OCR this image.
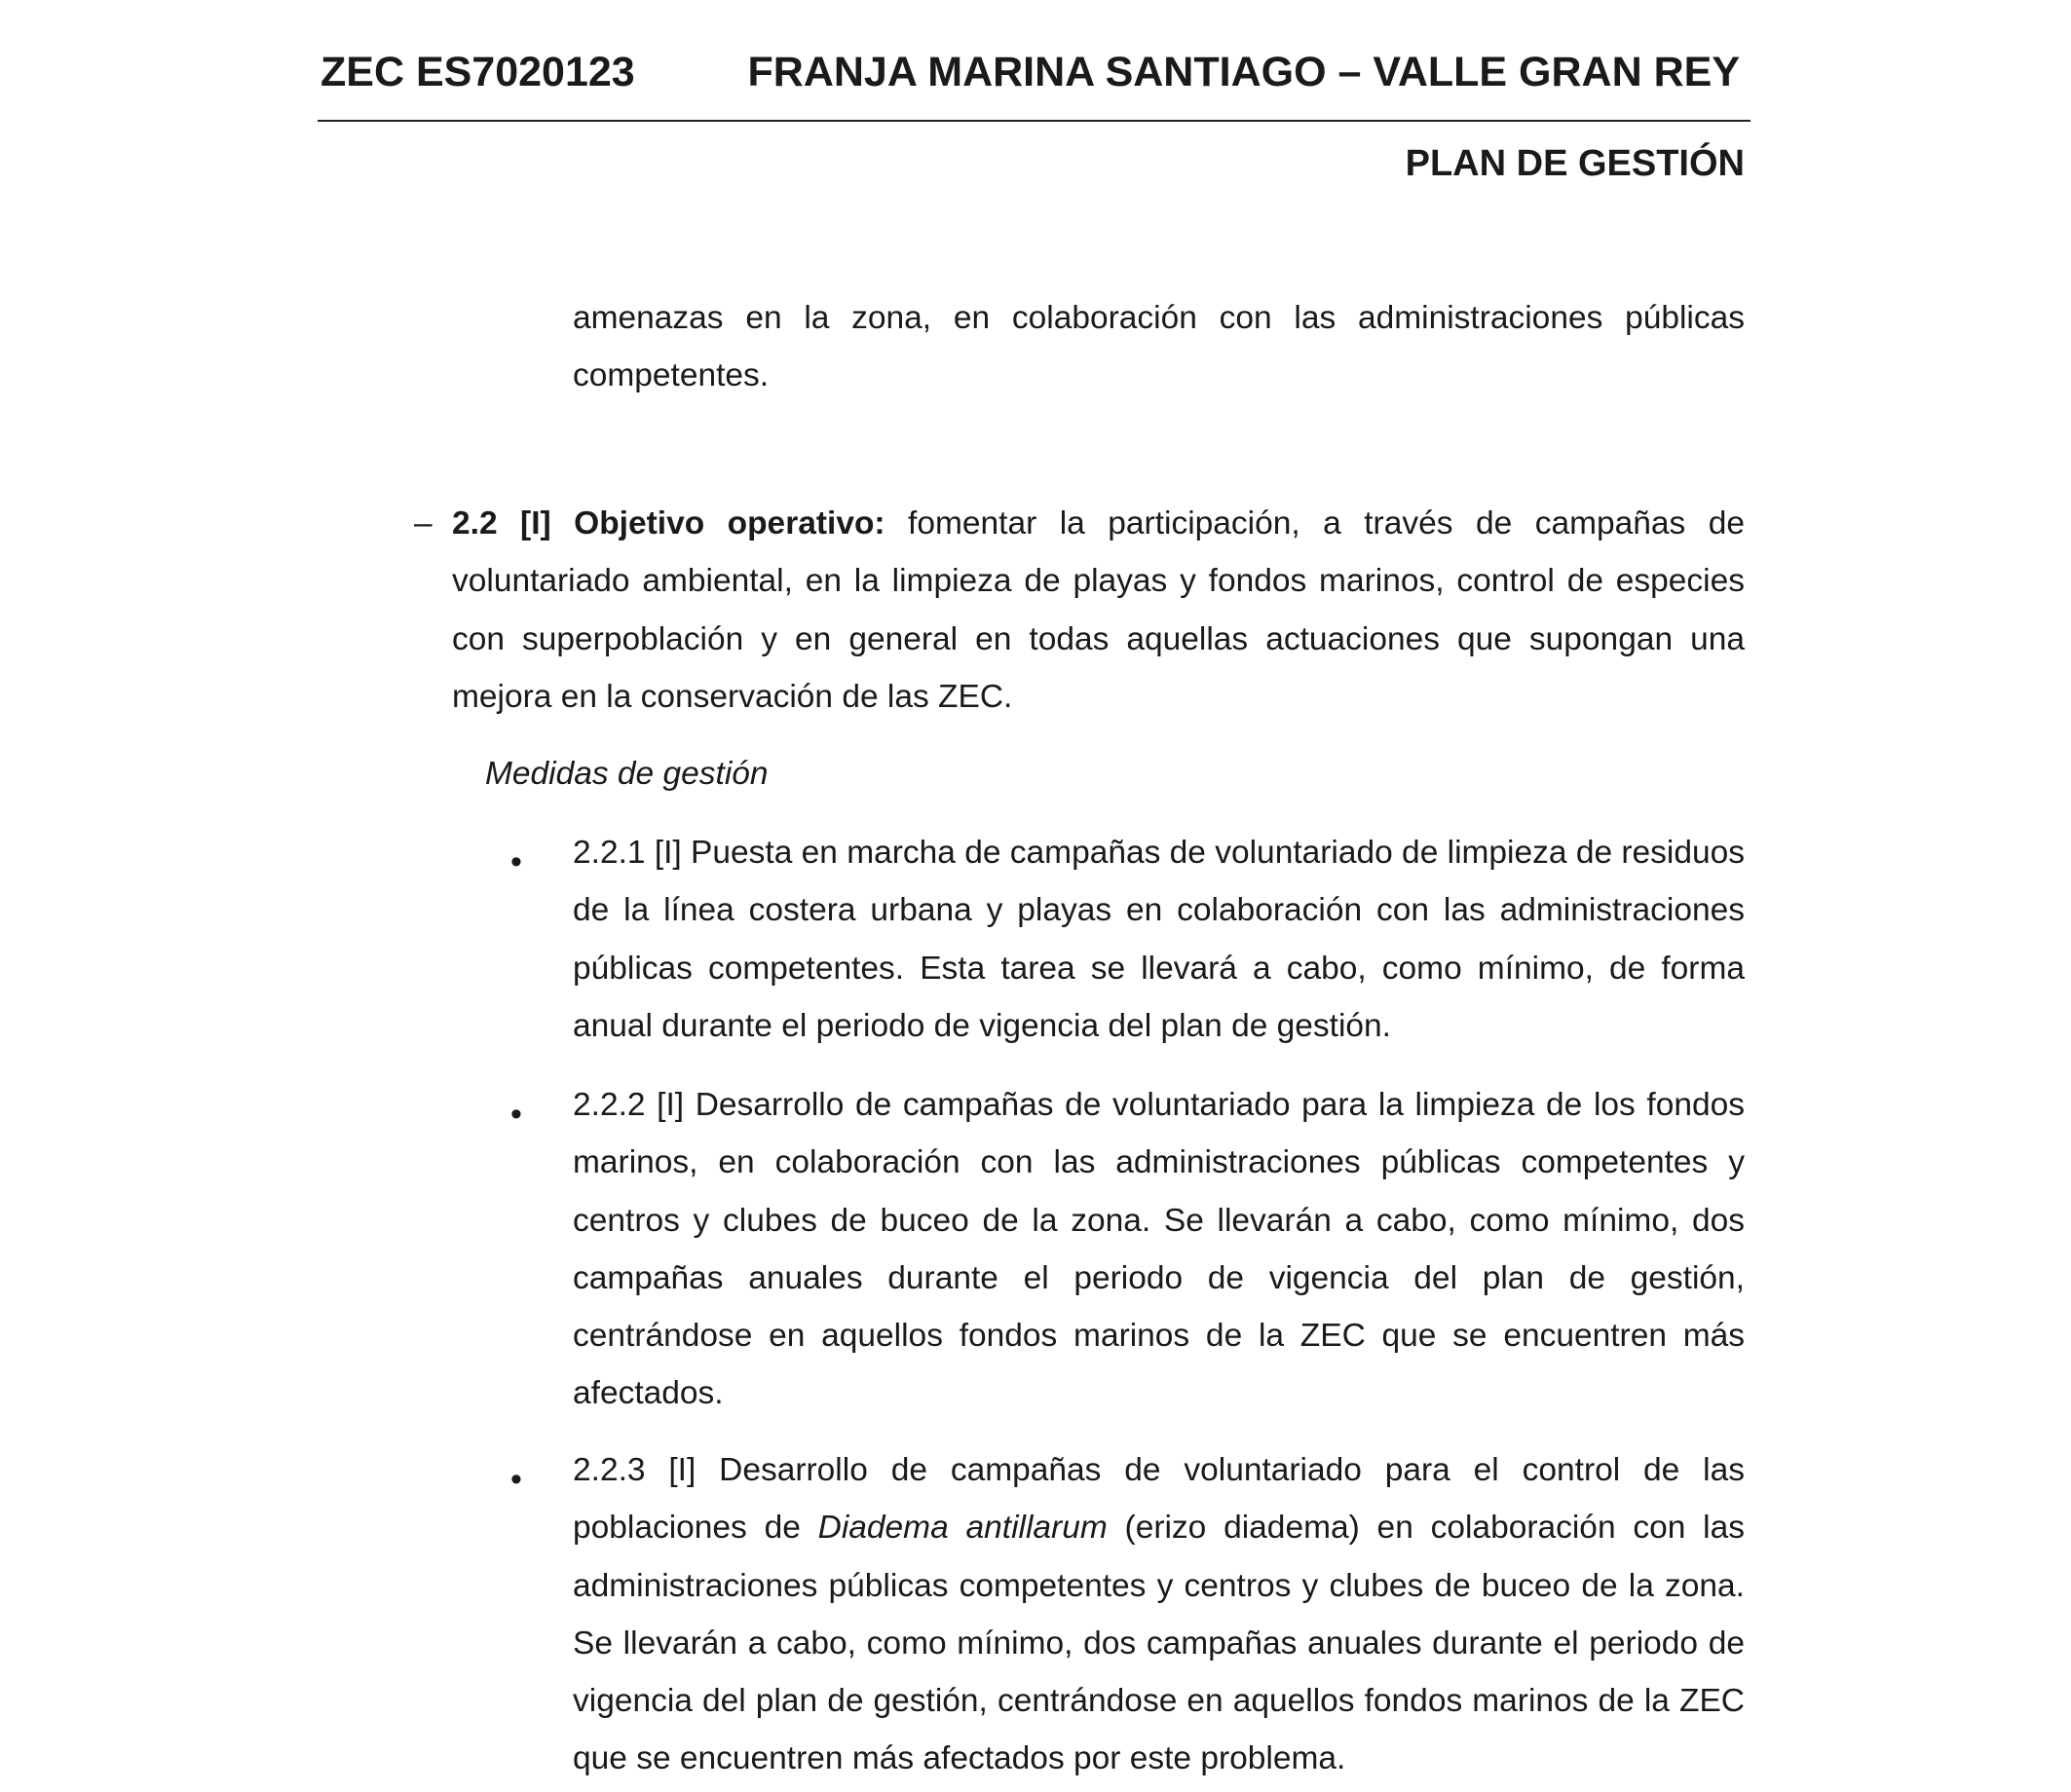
ZEC ES7020123	FRANJA MARINA SANTIAGO – VALLE GRAN REY
PLAN DE GESTIÓN

amenazas en la zona, en colaboración con las administraciones públicas competentes.

– 2.2 [I] Objetivo operativo: fomentar la participación, a través de campañas de voluntariado ambiental, en la limpieza de playas y fondos marinos, control de especies con superpoblación y en general en todas aquellas actuaciones que supongan una mejora en la conservación de las ZEC.

Medidas de gestión
• 2.2.1 [I] Puesta en marcha de campañas de voluntariado de limpieza de residuos de la línea costera urbana y playas en colaboración con las administraciones públicas competentes. Esta tarea se llevará a cabo, como mínimo, de forma anual durante el periodo de vigencia del plan de gestión.

• 2.2.2 [I] Desarrollo de campañas de voluntariado para la limpieza de los fondos marinos, en colaboración con las administraciones públicas competentes y centros y clubes de buceo de la zona. Se llevarán a cabo, como mínimo, dos campañas anuales durante el periodo de vigencia del plan de gestión, centrándose en aquellos fondos marinos de la ZEC que se encuentren más afectados.

• 2.2.3 [I] Desarrollo de campañas de voluntariado para el control de las poblaciones de Diadema antillarum (erizo diadema) en colaboración con las administraciones públicas competentes y centros y clubes de buceo de la zona. Se llevarán a cabo, como mínimo, dos campañas anuales durante el periodo de vigencia del plan de gestión, centrándose en aquellos fondos marinos de la ZEC que se encuentren más afectados por este problema.
